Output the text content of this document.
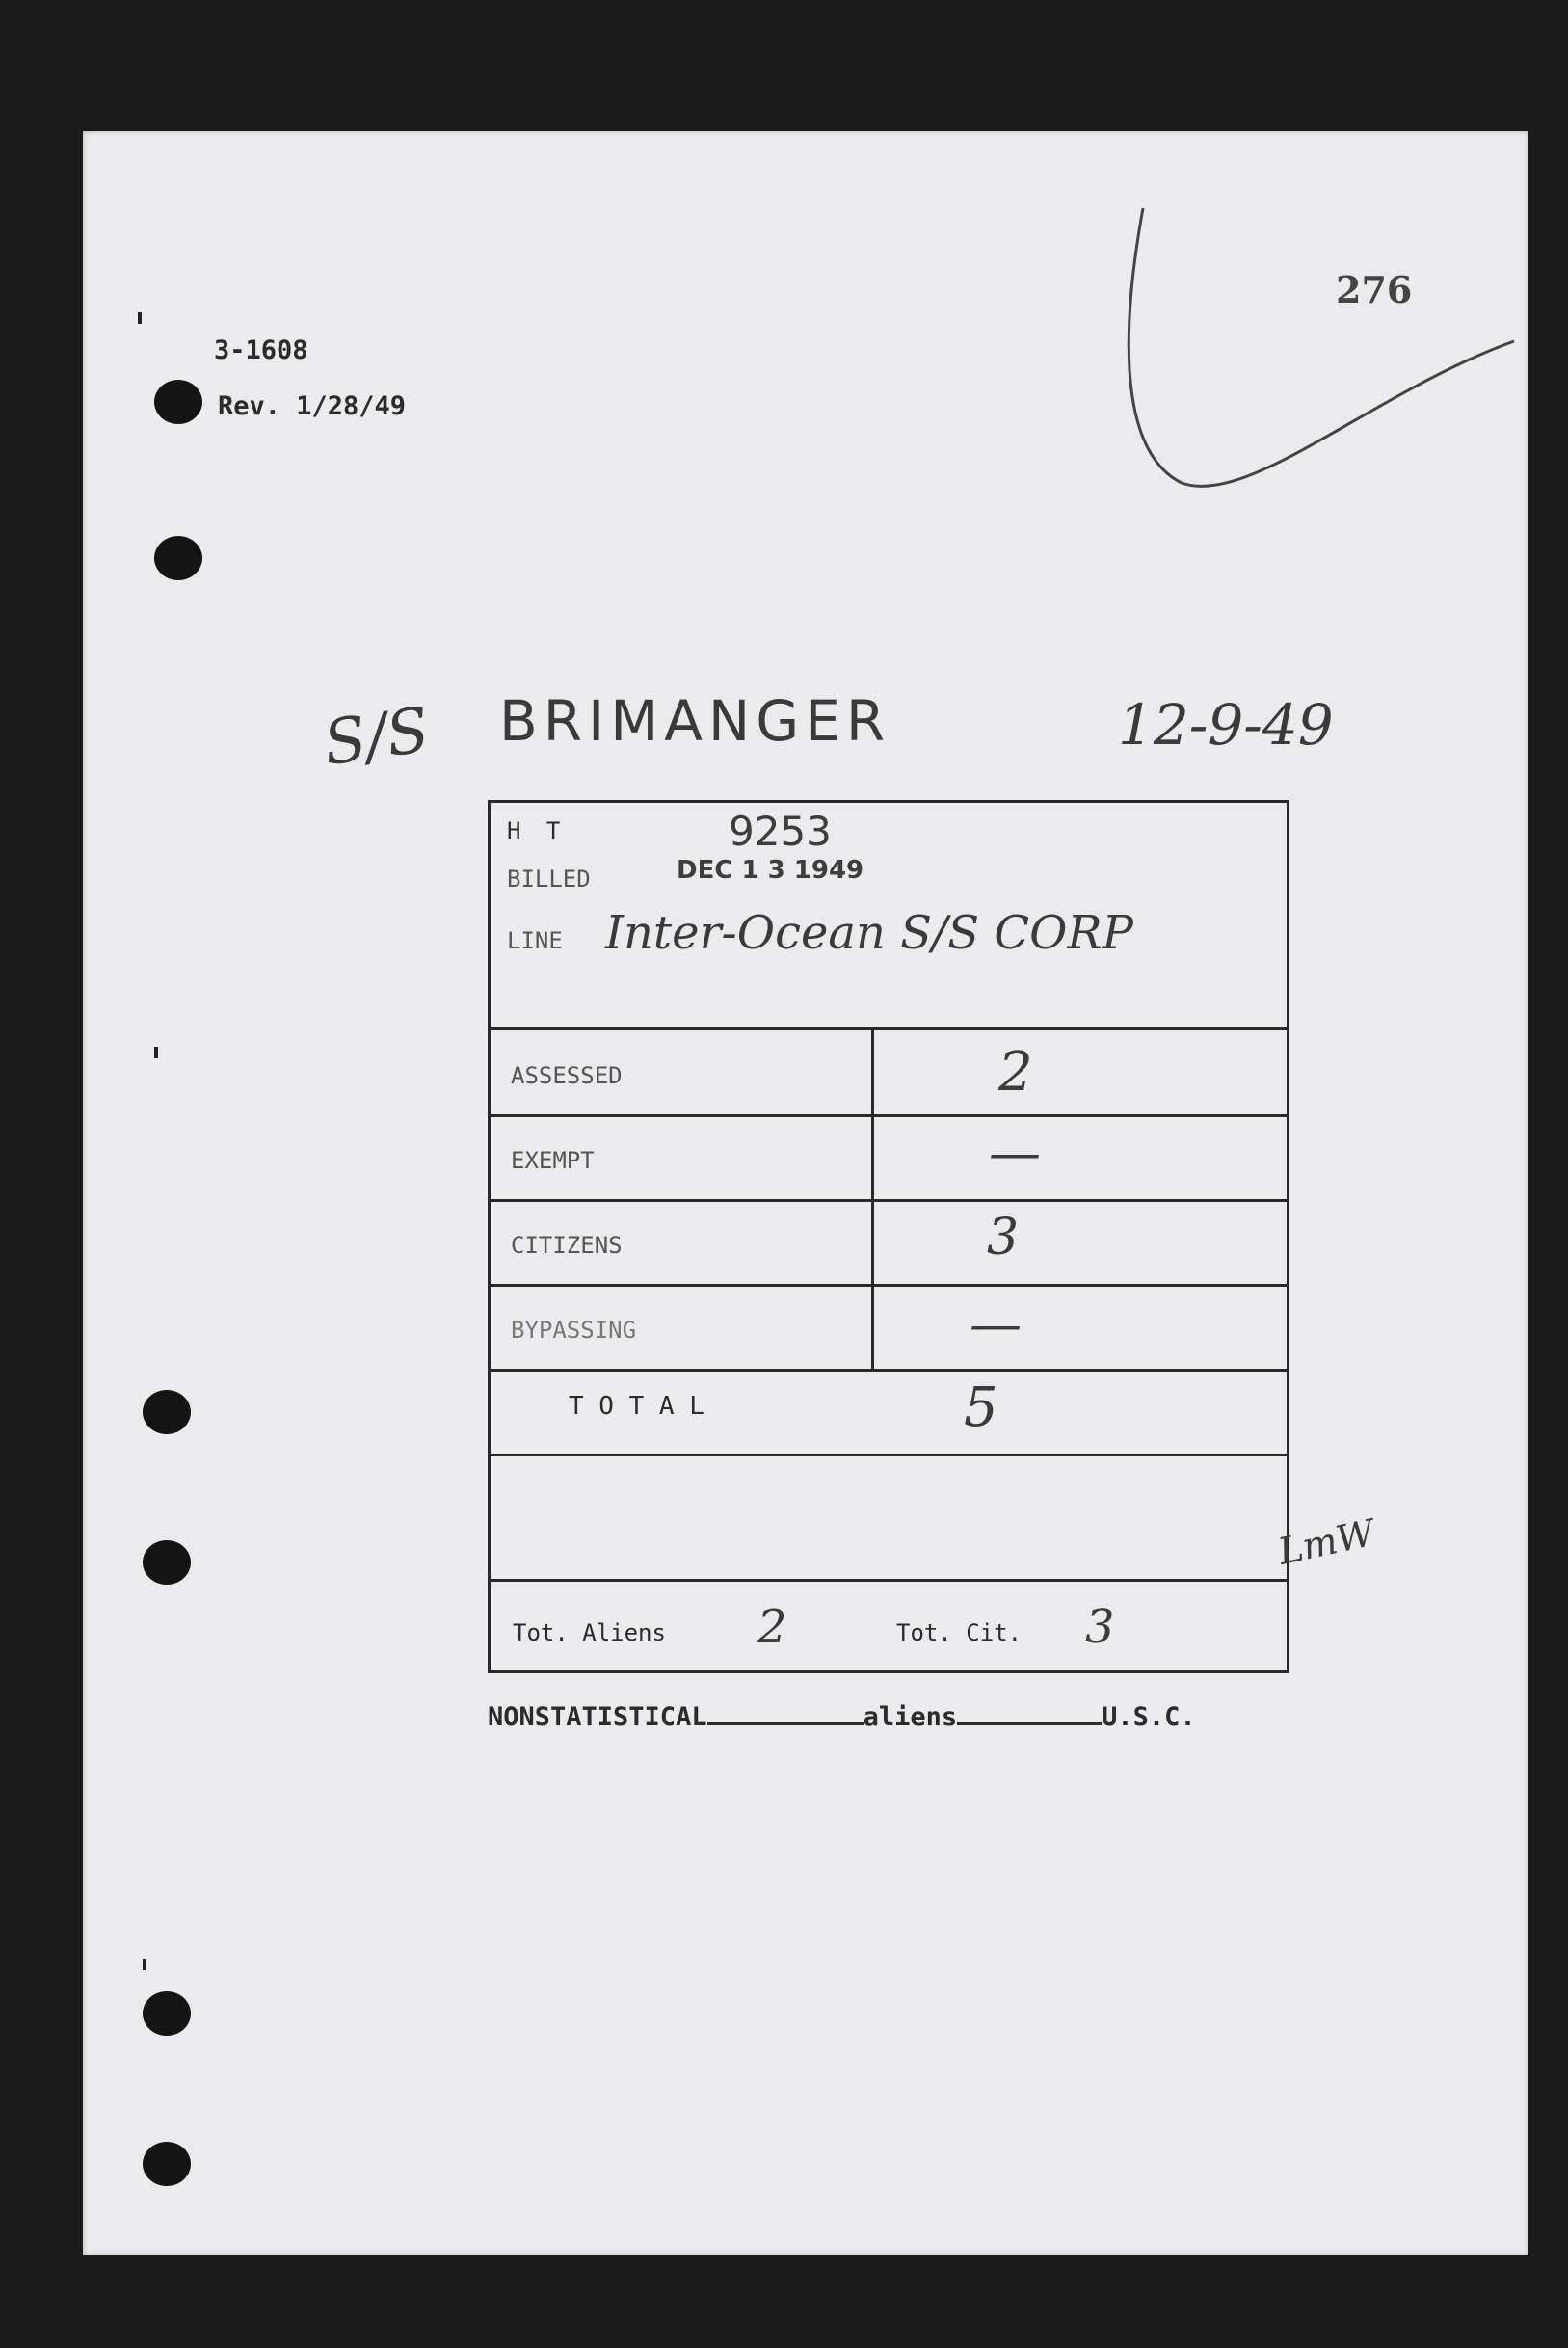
3-1608
Rev. 1/28/49
276
S/S BRIMANGER	12-9-49
H T	9253
BILLED	DEC 1 3 1949
LINE Inter-Ocean S/S CORP
ASSESSED	2
EXEMPT	—
CITIZENS	3
BYPASSING	—
T O T A L	5
Tot. Aliens 2	Tot. Cit. 3
LmW
NONSTATISTICAL	aliens	U.S.C.
